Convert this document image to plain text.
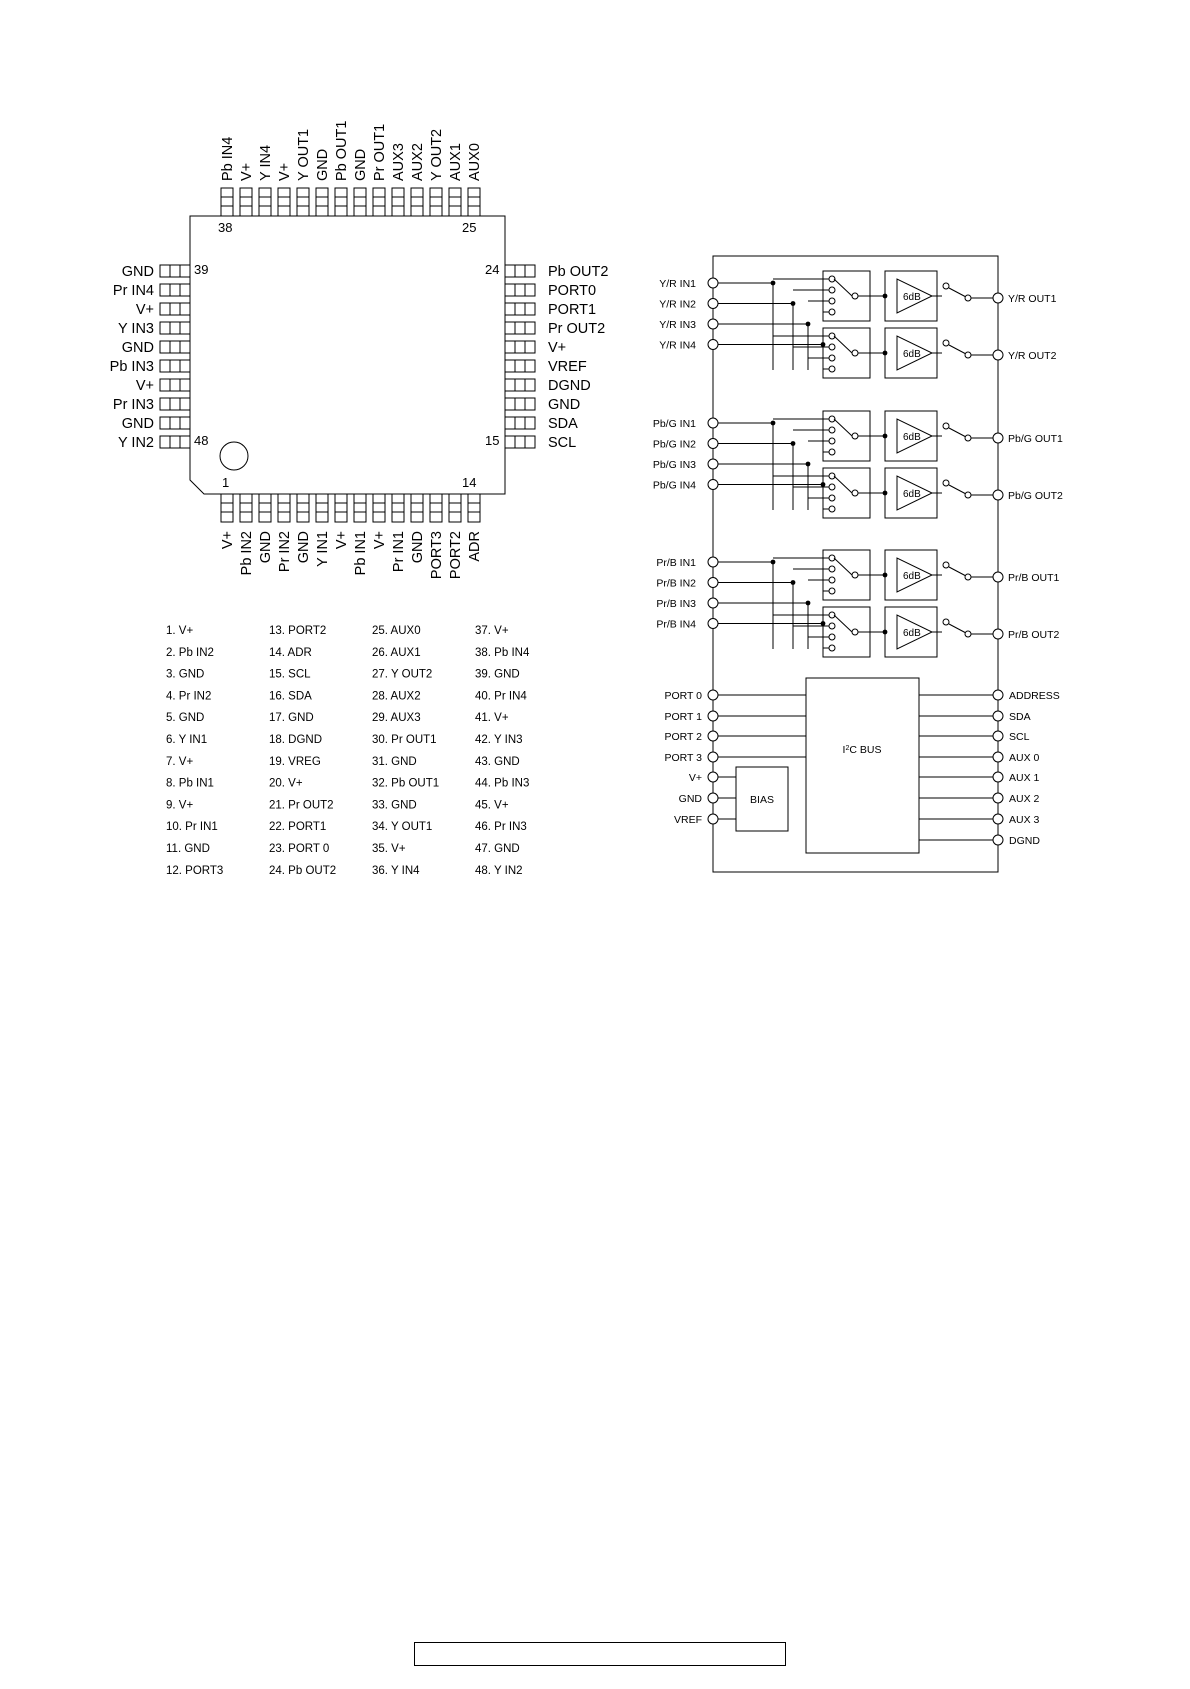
Pb IN4 V+ Y IN4 V+ Y OUT1 GND Pb OUT1 GND Pr OUT1 AUX3 AUX2 Y OUT2 AUX1 AUX0
V+ Pb IN2 GND Pr IN2 GND Y IN1 V+ Pb IN1 V+ Pr IN1 GND PORT3 PORT2 ADR
GND
Pr IN4
V+
Y IN3
GND
Pb IN3
V+
Pr IN3
GND
Y IN2
Pb OUT2
PORT0
PORT1
Pr OUT2
V+
VREF
DGND
GND
SDA
SCL
38	25
39	24
48	15
1	14
1. V+
2. Pb IN2
3. GND
4. Pr IN2
5. GND
6. Y IN1
7. V+
8. Pb IN1
9. V+
10. Pr IN1
11. GND
12. PORT3
13. PORT2
14. ADR
15. SCL
16. SDA
17. GND
18. DGND
19. VREG
20. V+
21. Pr OUT2
22. PORT1
23. PORT 0
24. Pb OUT2
25. AUX0
26. AUX1
27. Y OUT2
28. AUX2
29. AUX3
30. Pr OUT1
31. GND
32. Pb OUT1
33. GND
34. Y OUT1
35. V+
36. Y IN4
37. V+
38. Pb IN4
39. GND
40. Pr IN4
41. V+
42. Y IN3
43. GND
44. Pb IN3
45. V+
46. Pr IN3
47. GND
48. Y IN2
Y/R IN1
Y/R IN2
Y/R IN3
Y/R IN4
6dB	Y/R OUT1
6dB	Y/R OUT2
Pb/G IN1
Pb/G IN2
Pb/G IN3
Pb/G IN4
6dB	Pb/G OUT1
6dB	Pb/G OUT2
Pr/B IN1
Pr/B IN2
Pr/B IN3
Pr/B IN4
6dB	Pr/B OUT1
6dB	Pr/B OUT2
$I^2C$ BUS
BIAS
PORT 0
PORT 1
PORT 2
PORT 3
V+
GND
VREF
ADDRESS
SDA
SCL
AUX 0
AUX 1
AUX 2
AUX 3
DGND
